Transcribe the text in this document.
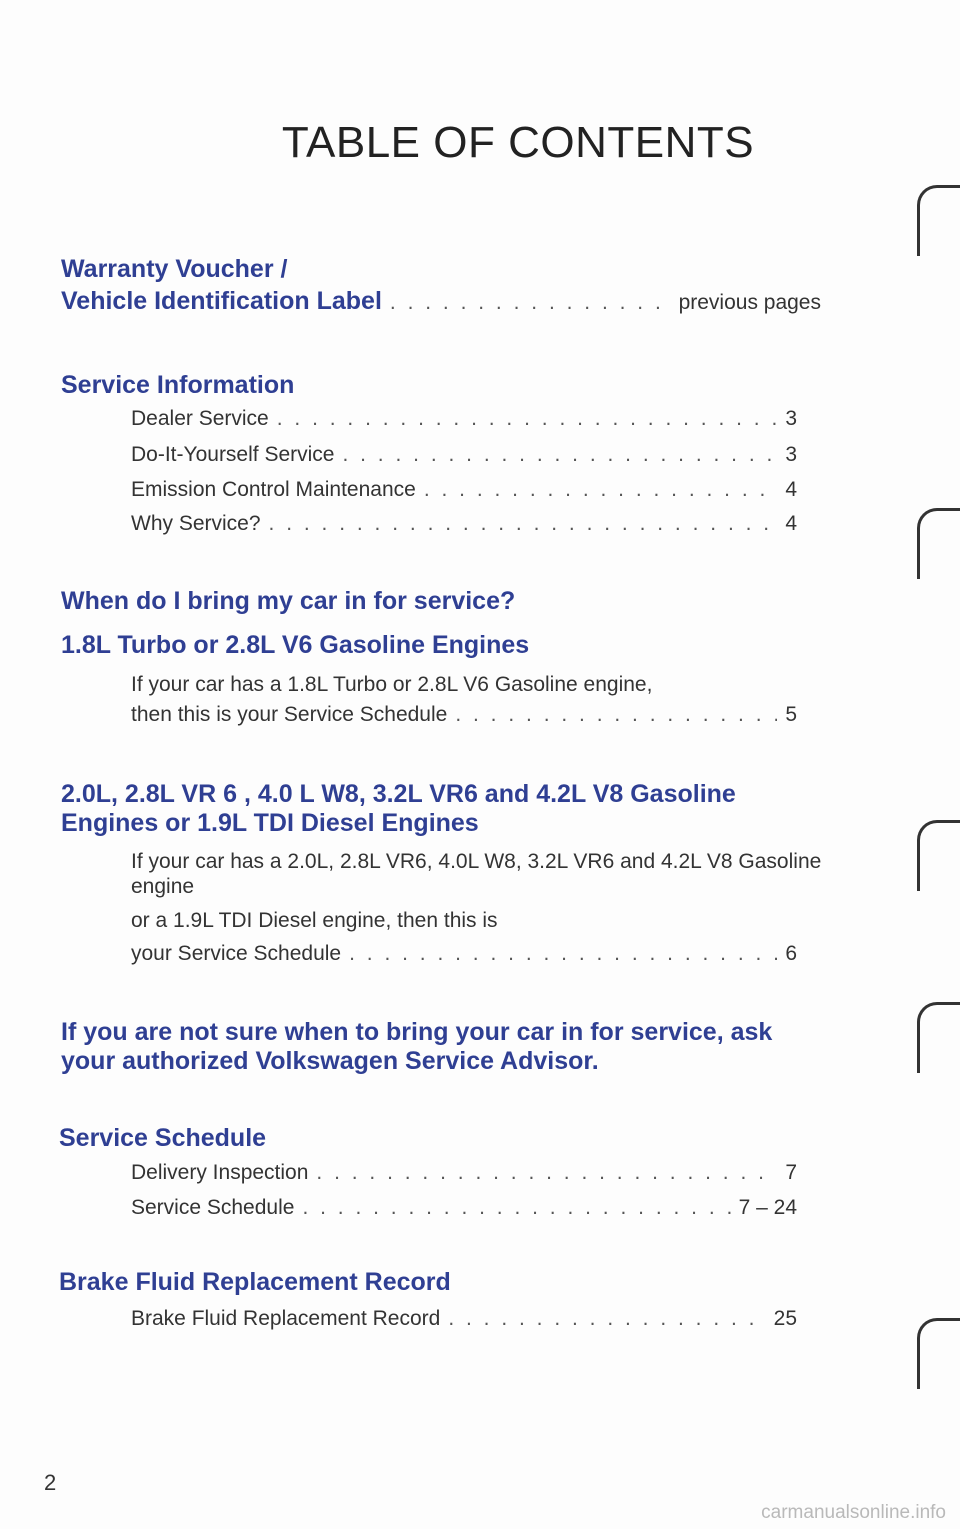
TABLE OF CONTENTS
Warranty Voucher /
Vehicle Identification Label . . .	previous pages
Service Information
Dealer Service . . .	3
Do-It-Yourself Service . . .	3
Emission Control Maintenance . . .	4
Why Service? . . .	4
When do I bring my car in for service?
1.8L Turbo or 2.8L V6 Gasoline Engines
If your car has a 1.8L Turbo or 2.8L V6 Gasoline engine,
then this is your Service Schedule . . .	5
2.0L, 2.8L VR 6 , 4.0 L W8, 3.2L VR6 and 4.2L V8 Gasoline
Engines or 1.9L TDI Diesel Engines
If your car has a 2.0L, 2.8L VR6, 4.0L W8, 3.2L VR6 and 4.2L V8 Gasoline
engine
or a 1.9L TDI Diesel engine, then this is
your Service Schedule . . .	6
If you are not sure when to bring your car in for service, ask
your authorized Volkswagen Service Advisor.
Service Schedule
Delivery Inspection . . .	7
Service Schedule . . .	7 – 24
Brake Fluid Replacement Record
Brake Fluid Replacement Record . . .	25
2
carmanualsonline.info
